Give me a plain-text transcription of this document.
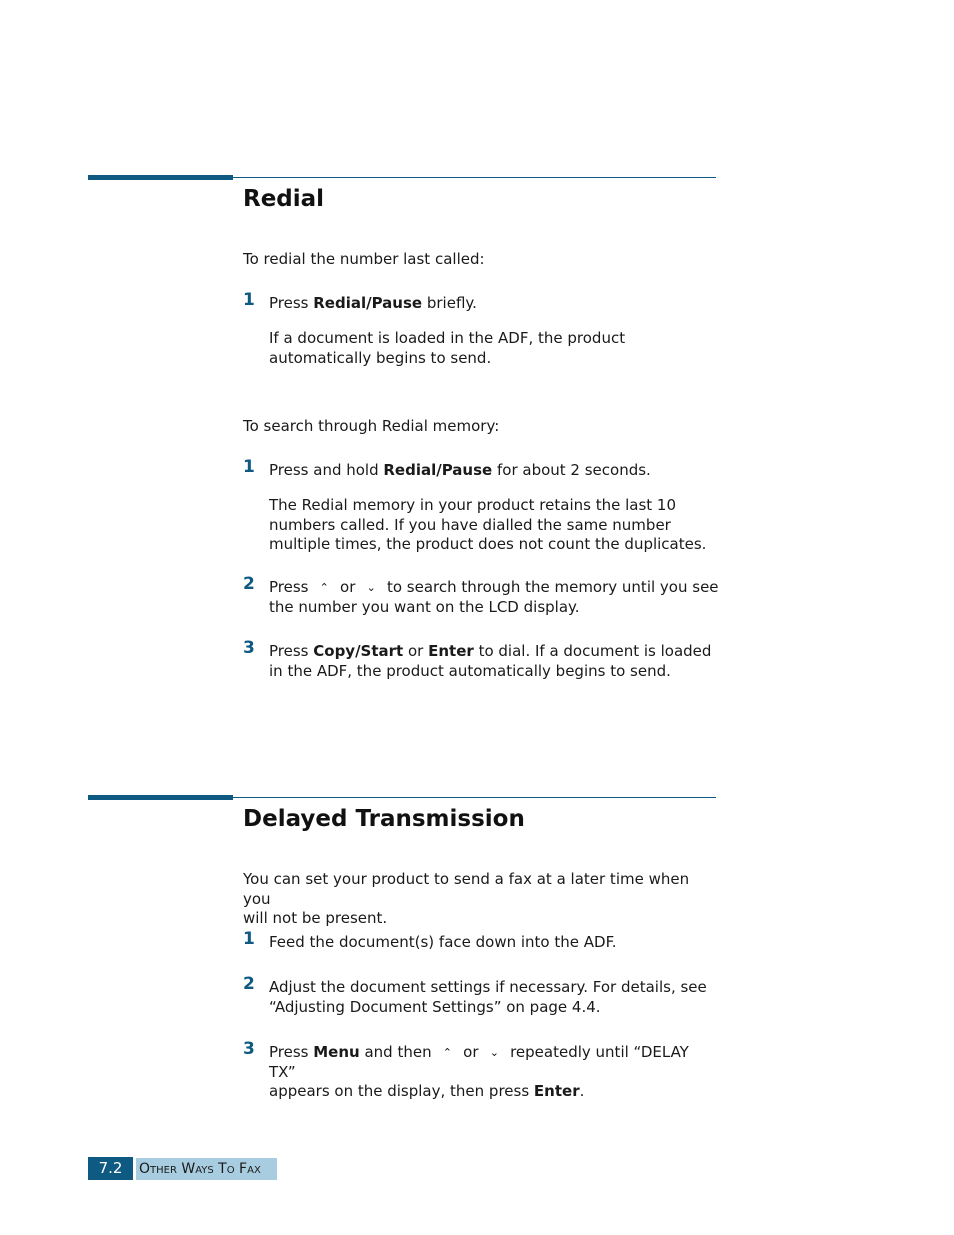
Redial

To redial the number last called:

1 Press Redial/Pause briefly.

If a document is loaded in the ADF, the product
automatically begins to send.

To search through Redial memory:

1 Press and hold Redial/Pause for about 2 seconds.

The Redial memory in your product retains the last 10
numbers called. If you have dialled the same number
multiple times, the product does not count the duplicates.

2 Press ⌃ or ⌄ to search through the memory until you see
the number you want on the LCD display.

3 Press Copy/Start or Enter to dial. If a document is loaded
in the ADF, the product automatically begins to send.

Delayed Transmission

You can set your product to send a fax at a later time when you
will not be present.

1 Feed the document(s) face down into the ADF.

2 Adjust the document settings if necessary. For details, see
“Adjusting Document Settings” on page 4.4.

3 Press Menu and then ⌃ or ⌄ repeatedly until “DELAY TX”
appears on the display, then press Enter.

7.2	Other Ways To Fax
